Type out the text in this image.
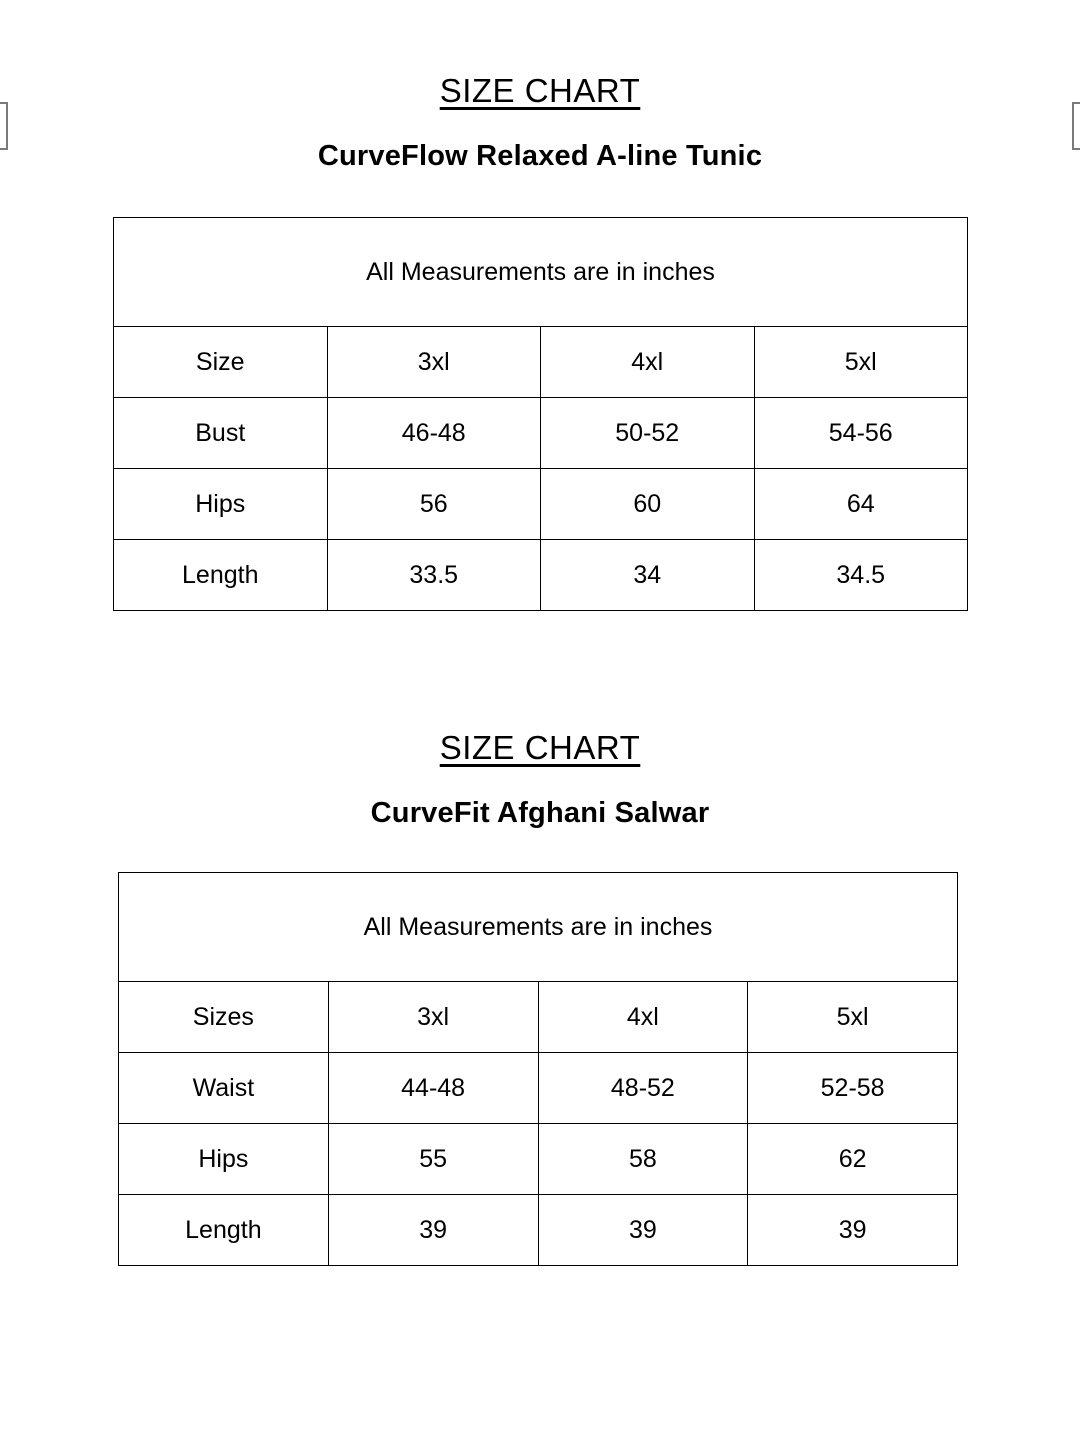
SIZE CHART
CurveFlow Relaxed A-line Tunic
All Measurements are in inches			
Size	3xl	4xl	5xl
Bust	46-48	50-52	54-56
Hips	56	60	64
Length	33.5	34	34.5
SIZE CHART
CurveFit Afghani Salwar
All Measurements are in inches			
Sizes	3xl	4xl	5xl
Waist	44-48	48-52	52-58
Hips	55	58	62
Length	39	39	39
